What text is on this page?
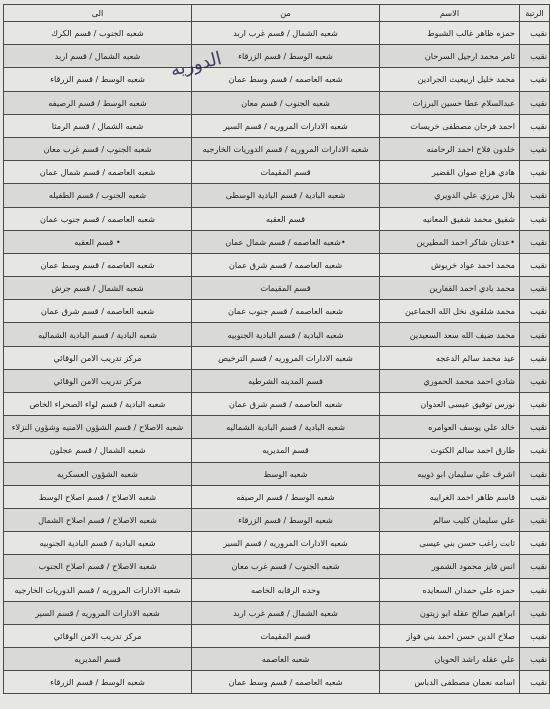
الرتبة	الاسم	من	الى
نقيب	حمزه ظاهر غالب الشبوط	شعبه الشمال / قسم غرب اربد	شعبه الجنوب / قسم الكرك
نقيب	ثامر محمد ارجيل السرحان	شعبه الوسط / قسم الزرقاء	شعبه الشمال / قسم اربد
نقيب	محمد خليل اربيعيث الجرادين	شعبه العاصمه / قسم وسط عمان	شعبه الوسط / قسم الزرقاء
نقيب	عبدالسلام عطا حسين البرزات	شعبه الجنوب / قسم معان	شعبه الوسط / قسم الرصيفه
نقيب	احمد فرحان مصطفى خريسات	شعبه الادارات المروريه / قسم السير	شعبه الشمال / قسم الرمثا
نقيب	خلدون فلاح احمد الرحامنه	شعبه الادارات المروريه / قسم الدوريات الخارجيه	شعبه الجنوب / قسم غرب معان
نقيب	هادي هزاع صوان القضير	قسم المقيمات	شعبه العاصمه / قسم شمال عمان
نقيب	بلال مرزي علي الدويري	شعبه البادية / قسم البادية الوسطى	شعبه الجنوب / قسم الطفيله
نقيب	شفيق محمد شفيق المعانيه	قسم العقبه	شعبه العاصمه / قسم جنوب عمان
نقيب	•عدنان شاكر احمد المطيرين	•شعبه العاصمه / قسم شمال عمان	• قسم العقبه
نقيب	محمد احمد عواد خريوش	شعبه العاصمه / قسم شرق عمان	شعبه العاصمه / قسم وسط عمان
نقيب	محمد بادي احمد القفارين	قسم المقيمات	شعبه الشمال / قسم جرش
نقيب	محمد شلقوى نخل الله الجماعين	شعبه العاصمه / قسم جنوب عمان	شعبه العاصمه / قسم شرق عمان
نقيب	محمد ضيف الله سعد السعيدين	شعبه البادية / قسم البادية الجنوبيه	شعبه البادية / قسم البادية الشماليه
نقيب	عيد محمد سالم الدعجه	شعبه الادارات المروريه / قسم الترخيص	مركز تدريب الامن الوقائي
نقيب	شادي احمد محمد الحموري	قسم المدينه الشرطيه	مركز تدريب الامن الوقائي
نقيب	نورس توفيق عيسى العدوان	شعبه العاصمه / قسم شرق عمان	شعبه البادية / قسم لواء الصحراء الخاص
نقيب	خالد علي يوسف العوامره	شعبه البادية / قسم البادية الشماليه	شعبه الاصلاح / قسم الشؤون الامنيه وشؤون النزلاء
نقيب	طارق احمد سالم الكتوت	قسم المديريه	شعبه الشمال / قسم عجلون
نقيب	اشرف علي سليمان ابو ذويبه	شعبه الوسط	شعبه الشؤون العسكريه
نقيب	قاسم ظاهر احمد الغرايبه	شعبه الوسط / قسم الرصيفه	شعبه الاصلاح / قسم اصلاح الوسط
نقيب	علي سليمان كليب سالم	شعبه الوسط / قسم الزرقاء	شعبه الاصلاح / قسم اصلاح الشمال
نقيب	ثابت راغب حسن بني عيسى	شعبه الادارات المروريه / قسم السير	شعبه البادية / قسم البادية الجنوبيه
نقيب	انس فايز محمود الشمور	شعبه الجنوب / قسم غرب معان	شعبه الاصلاح / قسم اصلاح الجنوب
نقيب	حمزه علي حمدان السعايده	وحده الرقابه الخاصه	شعبه الادارات المروريه / قسم الدوريات الخارجيه
نقيب	ابراهيم صالح عقله ابو زيتون	شعبه الشمال / قسم غرب اربد	شعبه الادارات المروريه / قسم السير
نقيب	صلاح الدين حسن احمد بني فواز	قسم المقيمات	مركز تدريب الامن الوقائي
نقيب	علي عقله راشد الحويان	شعبه العاصمه	قسم المديريه
نقيب	اسامه نعمان مصطفى الدباس	شعبه العاصمه / قسم وسط عمان	شعبه الوسط / قسم الزرقاء
الدوريه
